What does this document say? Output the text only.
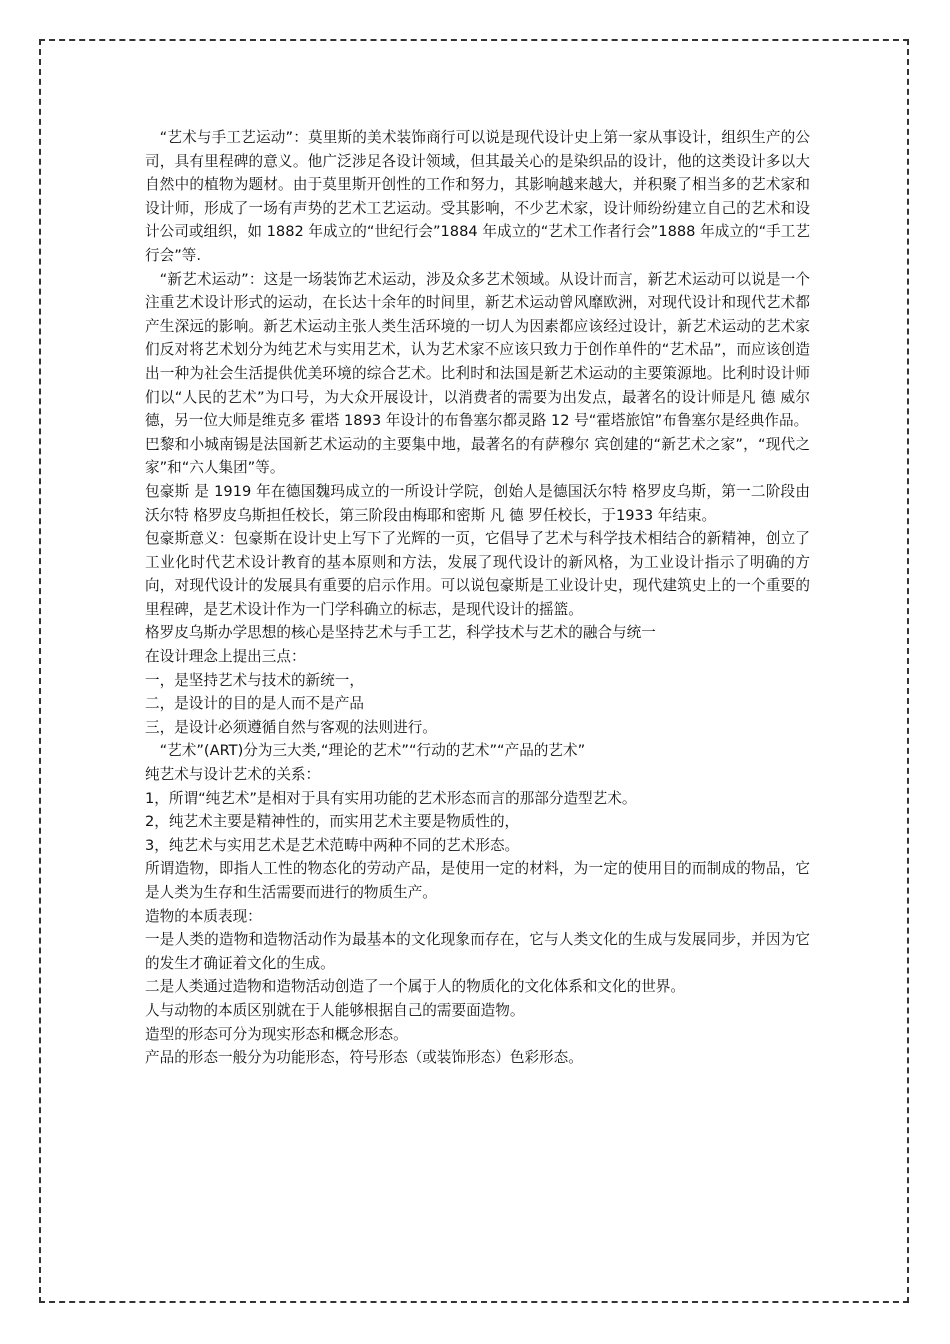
“艺术与手工艺运动”：莫里斯的美术装饰商行可以说是现代设计史上第一家从事设计，组织生产的公司，具有里程碑的意义。他广泛涉足各设计领域，但其最关心的是染织品的设计，他的这类设计多以大自然中的植物为题材。由于莫里斯开创性的工作和努力，其影响越来越大，并积聚了相当多的艺术家和设计师，形成了一场有声势的艺术工艺运动。受其影响，不少艺术家，设计师纷纷建立自己的艺术和设计公司或组织，如 1882 年成立的“世纪行会”1884 年成立的“艺术工作者行会”1888 年成立的“手工艺行会”等.

“新艺术运动”：这是一场装饰艺术运动，涉及众多艺术领域。从设计而言，新艺术运动可以说是一个注重艺术设计形式的运动，在长达十余年的时间里，新艺术运动曾风靡欧洲，对现代设计和现代艺术都产生深远的影响。新艺术运动主张人类生活环境的一切人为因素都应该经过设计，新艺术运动的艺术家们反对将艺术划分为纯艺术与实用艺术，认为艺术家不应该只致力于创作单件的“艺术品”，而应该创造出一种为社会生活提供优美环境的综合艺术。比利时和法国是新艺术运动的主要策源地。比利时设计师们以“人民的艺术”为口号，为大众开展设计，以消费者的需要为出发点，最著名的设计师是凡 德 威尔德，另一位大师是维克多 霍塔 1893 年设计的布鲁塞尔都灵路 12 号“霍塔旅馆”布鲁塞尔是经典作品。

巴黎和小城南锡是法国新艺术运动的主要集中地，最著名的有萨穆尔 宾创建的“新艺术之家”，“现代之家”和“六人集团”等。

包豪斯 是 1919 年在德国魏玛成立的一所设计学院，创始人是德国沃尔特 格罗皮乌斯，第一二阶段由沃尔特 格罗皮乌斯担任校长，第三阶段由梅耶和密斯 凡 德 罗任校长，于1933 年结束。

包豪斯意义：包豪斯在设计史上写下了光辉的一页，它倡导了艺术与科学技术相结合的新精神，创立了工业化时代艺术设计教育的基本原则和方法，发展了现代设计的新风格，为工业设计指示了明确的方向，对现代设计的发展具有重要的启示作用。可以说包豪斯是工业设计史，现代建筑史上的一个重要的里程碑，是艺术设计作为一门学科确立的标志，是现代设计的摇篮。

格罗皮乌斯办学思想的核心是坚持艺术与手工艺，科学技术与艺术的融合与统一

在设计理念上提出三点：

一，是坚持艺术与技术的新统一，

二，是设计的目的是人而不是产品

三，是设计必须遵循自然与客观的法则进行。

“艺术”(ART)分为三大类,“理论的艺术”“行动的艺术”“产品的艺术”

纯艺术与设计艺术的关系：

1，所谓“纯艺术”是相对于具有实用功能的艺术形态而言的那部分造型艺术。

2，纯艺术主要是精神性的，而实用艺术主要是物质性的，

3，纯艺术与实用艺术是艺术范畴中两种不同的艺术形态。

所谓造物，即指人工性的物态化的劳动产品，是使用一定的材料，为一定的使用目的而制成的物品，它是人类为生存和生活需要而进行的物质生产。

造物的本质表现：

一是人类的造物和造物活动作为最基本的文化现象而存在，它与人类文化的生成与发展同步，并因为它的发生才确证着文化的生成。

二是人类通过造物和造物活动创造了一个属于人的物质化的文化体系和文化的世界。

人与动物的本质区别就在于人能够根据自己的需要面造物。

造型的形态可分为现实形态和概念形态。

产品的形态一般分为功能形态，符号形态（或装饰形态）色彩形态。
